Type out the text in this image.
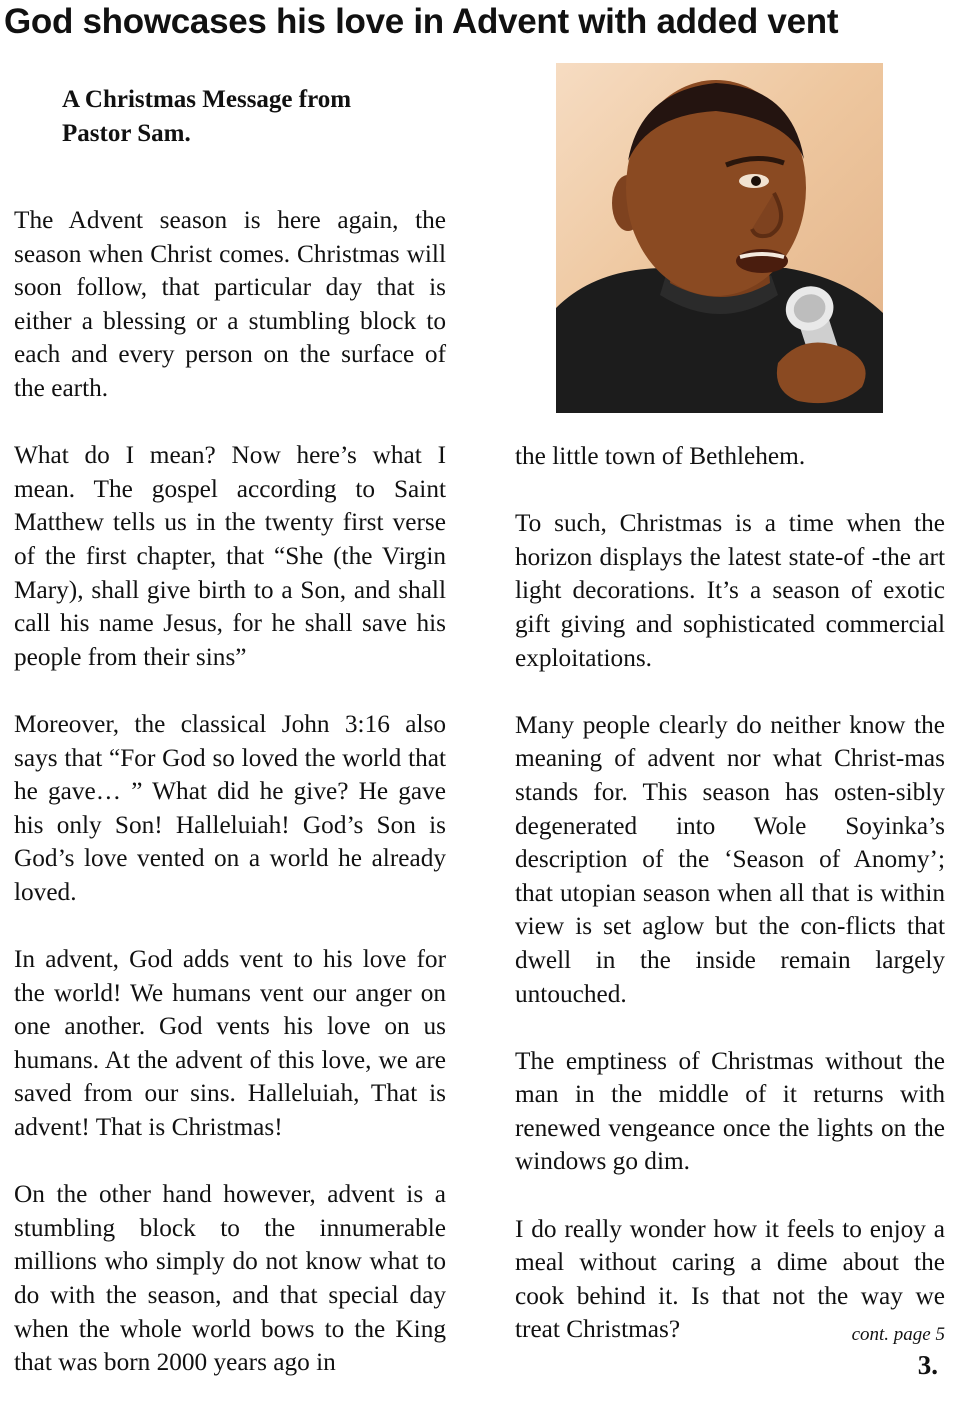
God showcases his love in Advent with added vent
A Christmas Message from
Pastor Sam.

The Advent season is here again, the season when Christ comes. Christmas will soon follow, that particular day that is either a blessing or a stumbling block to each and every person on the surface of the earth.

What do I mean? Now here’s what I mean. The gospel according to Saint Matthew tells us in the twenty first verse of the first chapter, that “She (the Virgin Mary), shall give birth to a Son, and shall call his name Jesus, for he shall save his people from their sins”

Moreover, the classical John 3:16 also says that “For God so loved the world that he gave… ” What did he give? He gave his only Son! Halleluiah! God’s Son is God’s love vented on a world he already loved.

In advent, God adds vent to his love for the world! We humans vent our anger on one another. God vents his love on us humans. At the advent of this love, we are saved from our sins. Halleluiah, That is advent! That is Christmas!

On the other hand however, advent is a stumbling block to the innumerable millions who simply do not know what to do with the season, and that special day when the whole world bows to the King that was born 2000 years ago in

the little town of Bethlehem.

To such, Christmas is a time when the horizon displays the latest state-of -the art light decorations. It’s a season of exotic gift giving and sophisticated commercial exploitations.

Many people clearly do neither know the meaning of advent nor what Christ-mas stands for. This season has osten-sibly degenerated into Wole Soyinka’s description of the ‘Season of Anomy’; that utopian season when all that is within view is set aglow but the con-flicts that dwell in the inside remain largely untouched.

The emptiness of Christmas without the man in the middle of it returns with renewed vengeance once the lights on the windows go dim.

I do really wonder how it feels to enjoy a meal without caring a dime about the cook behind it. Is that not the way we treat Christmas?	cont. page 5
3.
